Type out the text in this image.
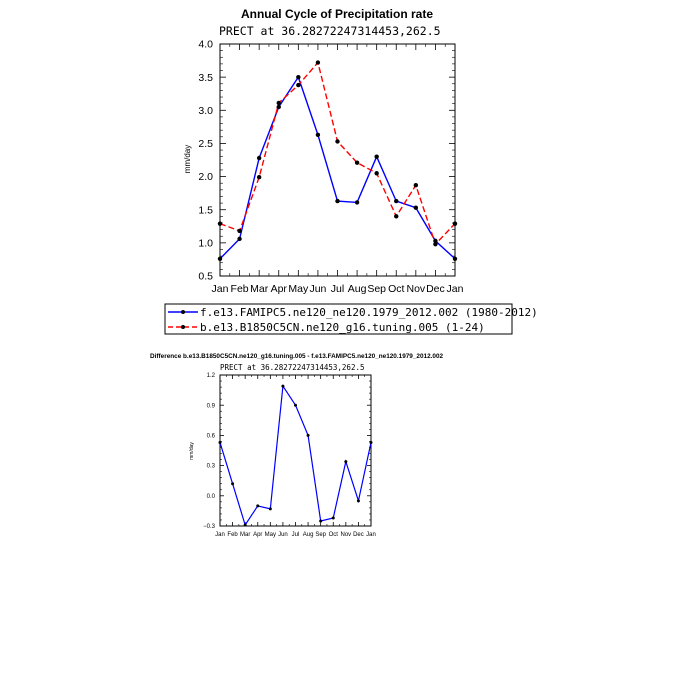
Annual Cycle of Precipitation rate
PRECT at 36.28272247314453,262.5
mm/day
0.5
1.0
1.5
2.0
2.5
3.0
3.5
4.0
Jan Feb Mar Apr May Jun Jul Aug Sep Oct Nov Dec Jan
f.e13.FAMIPC5.ne120_ne120.1979_2012.002 (1980-2012)
b.e13.B1850C5CN.ne120_g16.tuning.005 (1-24)
Difference b.e13.B1850C5CN.ne120_g16.tuning.005 - f.e13.FAMIPC5.ne120_ne120.1979_2012.002
PRECT at 36.28272247314453,262.5
mm/day
−0.3
0.0
0.3
0.6
0.9
1.2
Jan Feb Mar Apr May Jun Jul Aug Sep Oct Nov Dec Jan
